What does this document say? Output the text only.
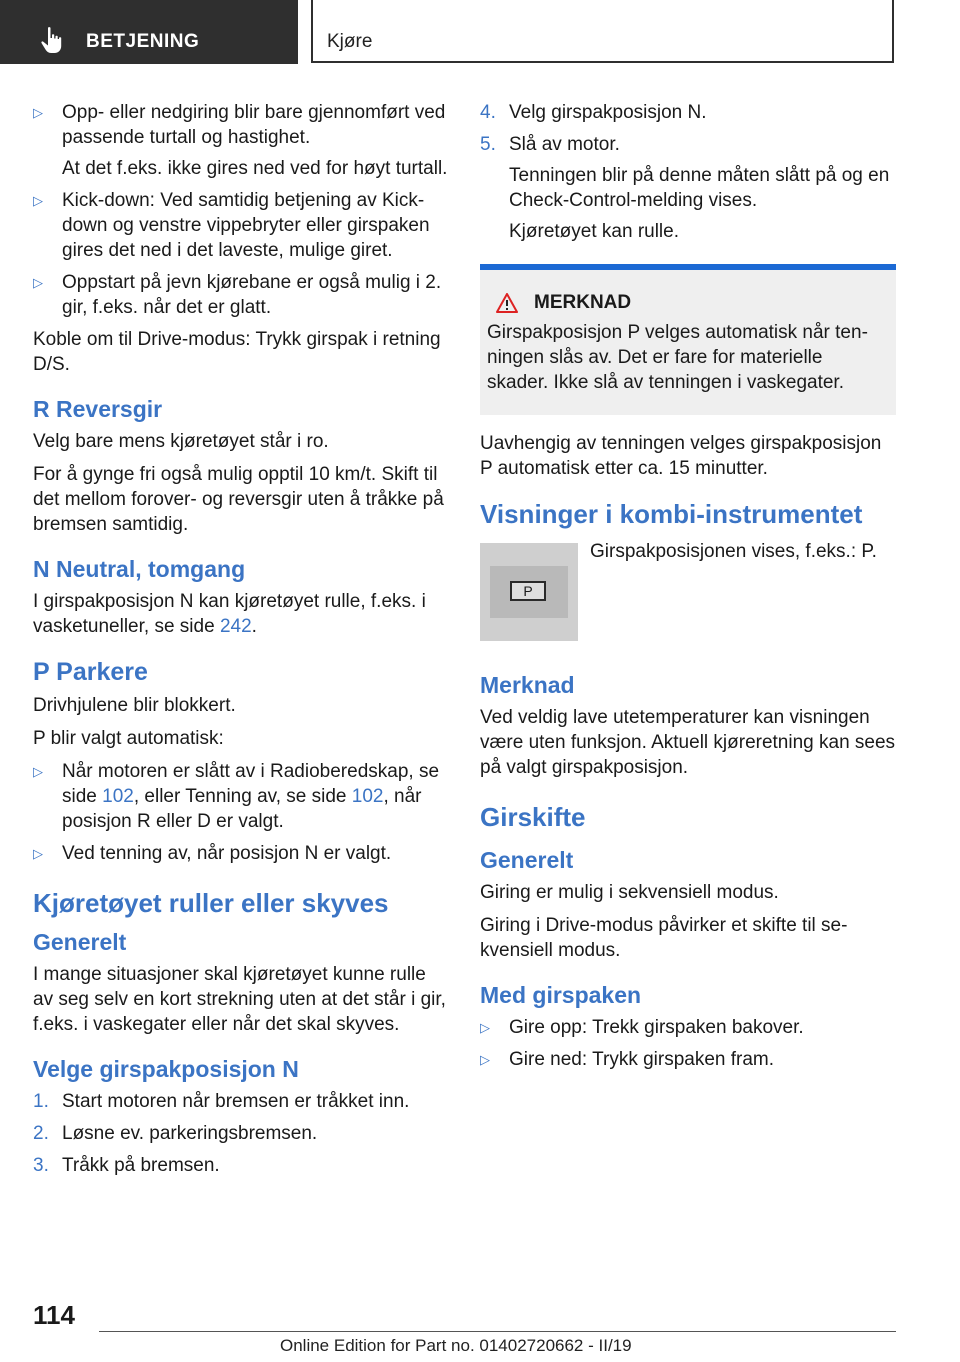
BETJENING	Kjøre
▷ Opp- eller nedgiring blir bare gjennomført ved passende turtall og hastighet.
At det f.eks. ikke gires ned ved for høyt turtall.
▷ Kick-down: Ved samtidig betjening av Kick-down og venstre vippebryter eller girspaken gires det ned i det laveste, mulige giret.
▷ Oppstart på jevn kjørebane er også mulig i 2. gir, f.eks. når det er glatt.

Koble om til Drive-modus: Trykk girspak i retning D/S.

R Reversgir

Velg bare mens kjøretøyet står i ro.

For å gynge fri også mulig opptil 10 km/t. Skift til det mellom forover- og reversgir uten å tråkke på bremsen samtidig.

N Neutral, tomgang

I girspakposisjon N kan kjøretøyet rulle, f.eks. i vasketuneller, se side 242.

P Parkere

Drivhjulene blir blokkert.

P blir valgt automatisk:

▷ Når motoren er slått av i Radioberedskap, se side 102, eller Tenning av, se side 102, når posisjon R eller D er valgt.
▷ Ved tenning av, når posisjon N er valgt.
Kjøretøyet ruller eller skyves
Generelt

I mange situasjoner skal kjøretøyet kunne rulle av seg selv en kort strekning uten at det står i gir, f.eks. i vaskegater eller når det skal skyves.

Velge girspakposisjon N
1. Start motoren når bremsen er tråkket inn.
2. Løsne ev. parkeringsbremsen.
3. Tråkk på bremsen.
4. Velg girspakposisjon N.
5. Slå av motor.
Tenningen blir på denne måten slått på og en Check-Control-melding vises.
Kjøretøyet kan rulle.
MERKNAD

Girspakposisjon P velges automatisk når ten-ningen slås av. Det er fare for materielle skader. Ikke slå av tenningen i vaskegater.

Uavhengig av tenningen velges girspakposisjon P automatisk etter ca. 15 minutter.

Visninger i kombi-instrumentet
P

Girspakposisjonen vises, f.eks.: P.

Merknad

Ved veldig lave utetemperaturer kan visningen være uten funksjon. Aktuell kjøreretning kan sees på valgt girspakposisjon.

Girskifte
Generelt

Giring er mulig i sekvensiell modus.

Giring i Drive-modus påvirker et skifte til se-kvensiell modus.

Med girspaken
▷ Gire opp: Trekk girspaken bakover.
▷ Gire ned: Trykk girspaken fram.
114
Online Edition for Part no. 01402720662 - II/19
